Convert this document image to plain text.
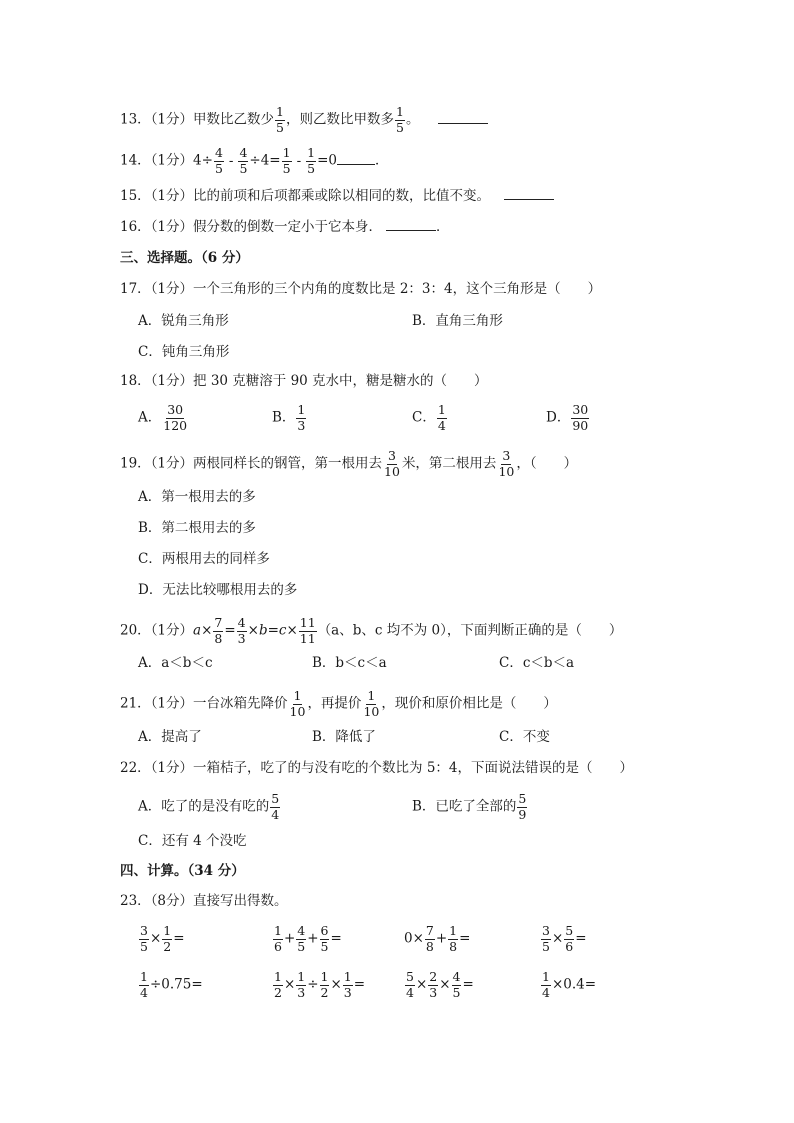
13．（1分）甲数比乙数少 $\frac{1}{5}$ ，则乙数比甲数多 $\frac{1}{5}$ 。
14．（1分）$4\div \frac{4}{5} - \frac{4}{5} \div 4= \frac{1}{5} - \frac{1}{5} =0$	．
15．（1分）比的前项和后项都乘或除以相同的数，比值不变。
16．（1分）假分数的倒数一定小于它本身．	．
三、选择题。（6 分）
17．（1分）一个三角形的三个内角的度数比是 2：3：4，这个三角形是（　　）
A．锐角三角形	B．直角三角形
C．钝角三角形
18．（1分）把 30 克糖溶于 90 克水中，糖是糖水的（　　）
A． $\frac{30}{120}$	B． $\frac{1}{3}$	C． $\frac{1}{4}$	D． $\frac{30}{90}$
19．（1分）两根同样长的钢管，第一根用去 $\frac{3}{10}$ 米，第二根用去 $\frac{3}{10}$ ，（　　）
A．第一根用去的多
B．第二根用去的多
C．两根用去的同样多
D．无法比较哪根用去的多
20．（1分）$a\times \frac{7}{8} = \frac{4}{3} \times b=c\times \frac{11}{11} (a$、b、c 均不为 0），下面判断正确的是（　　）
A．a＜b＜c	B．b＜c＜a	C．c＜b＜a
21．（1分）一台冰箱先降价 $\frac{1}{10}$ ，再提价 $\frac{1}{10}$ ，现价和原价相比是（　　）
A．提高了	B．降低了	C．不变
22．（1分）一箱桔子，吃了的与没有吃的个数比为 5：4，下面说法错误的是（　　）
A．吃了的是没有吃的 $\frac{5}{4}$	B．已吃了全部的 $\frac{5}{9}$
C．还有 4 个没吃
四、计算。（34 分）
23．（8分）直接写出得数。
$\frac{3}{5} \times \frac{1}{2}$ =	$\frac{1}{6} + \frac{4}{5} + \frac{6}{5}$ =	$0\times \frac{7}{8} + \frac{1}{8}$ =	$\frac{3}{5} \times \frac{5}{6}$ =
$\frac{1}{4} \div 0.75=$	$\frac{1}{2} \times \frac{1}{3} \div \frac{1}{2} \times \frac{1}{3}$ =	$\frac{5}{4} \times \frac{2}{3} \times \frac{4}{5}$ =	$\frac{1}{4} \times 0.4=$
